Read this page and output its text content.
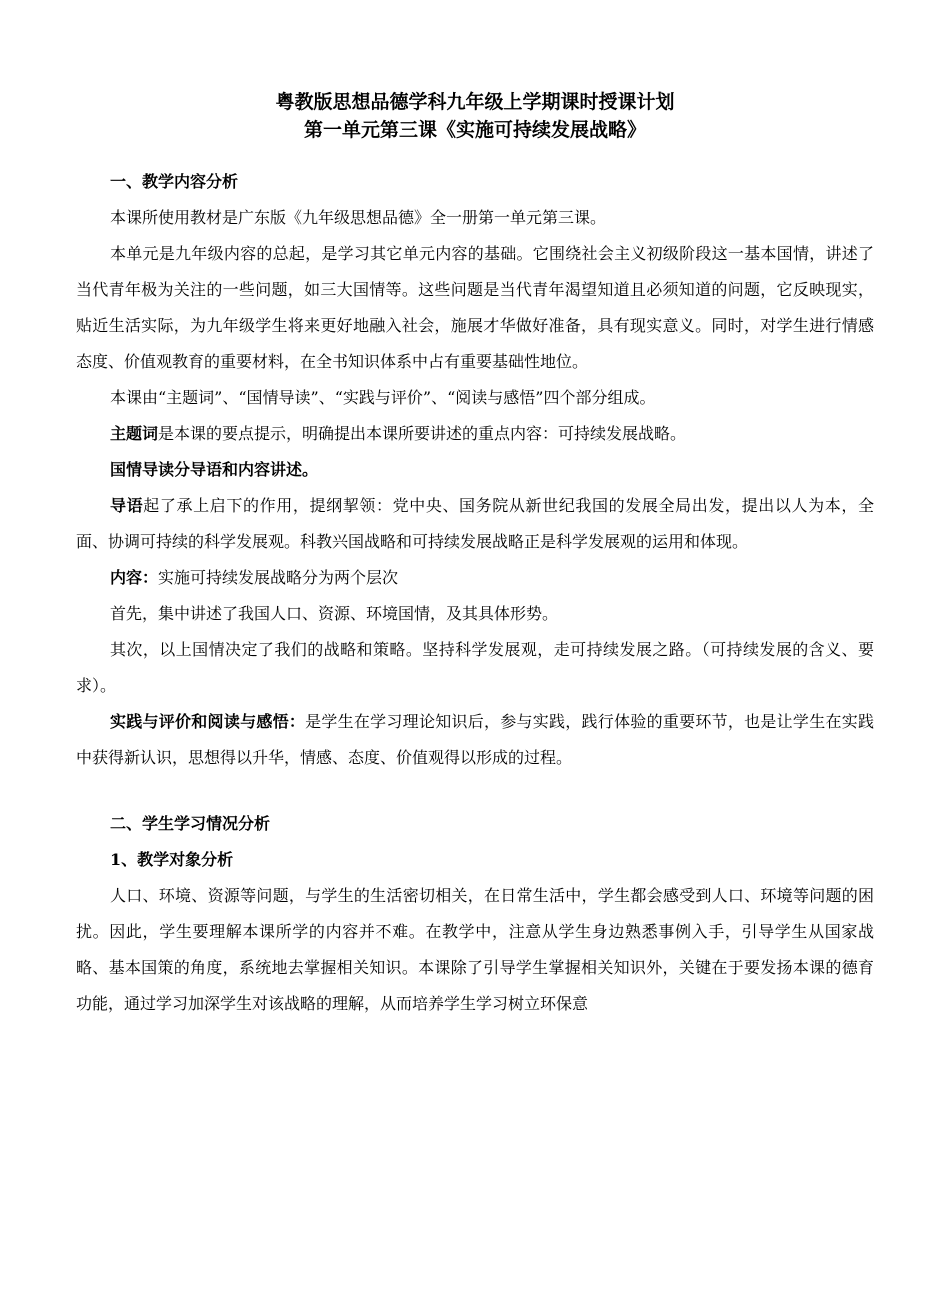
粤教版思想品德学科九年级上学期课时授课计划

第一单元第三课《实施可持续发展战略》

一、教学内容分析

本课所使用教材是广东版《九年级思想品德》全一册第一单元第三课。

本单元是九年级内容的总起，是学习其它单元内容的基础。它围绕社会主义初级阶段这一基本国情，讲述了当代青年极为关注的一些问题，如三大国情等。这些问题是当代青年渴望知道且必须知道的问题，它反映现实，贴近生活实际，为九年级学生将来更好地融入社会，施展才华做好准备，具有现实意义。同时，对学生进行情感态度、价值观教育的重要材料，在全书知识体系中占有重要基础性地位。

本课由“主题词”、“国情导读”、“实践与评价”、“阅读与感悟”四个部分组成。

主题词是本课的要点提示，明确提出本课所要讲述的重点内容：可持续发展战略。

国情导读分导语和内容讲述。

导语起了承上启下的作用，提纲挈领：党中央、国务院从新世纪我国的发展全局出发，提出以人为本，全面、协调可持续的科学发展观。科教兴国战略和可持续发展战略正是科学发展观的运用和体现。

内容：实施可持续发展战略分为两个层次

首先，集中讲述了我国人口、资源、环境国情，及其具体形势。

其次，以上国情决定了我们的战略和策略。坚持科学发展观，走可持续发展之路。（可持续发展的含义、要求）。

实践与评价和阅读与感悟：是学生在学习理论知识后，参与实践，践行体验的重要环节，也是让学生在实践中获得新认识，思想得以升华，情感、态度、价值观得以形成的过程。

二、学生学习情况分析

1、教学对象分析

人口、环境、资源等问题，与学生的生活密切相关，在日常生活中，学生都会感受到人口、环境等问题的困扰。因此，学生要理解本课所学的内容并不难。在教学中，注意从学生身边熟悉事例入手，引导学生从国家战略、基本国策的角度，系统地去掌握相关知识。本课除了引导学生掌握相关知识外，关键在于要发扬本课的德育功能，通过学习加深学生对该战略的理解，从而培养学生学习树立环保意
